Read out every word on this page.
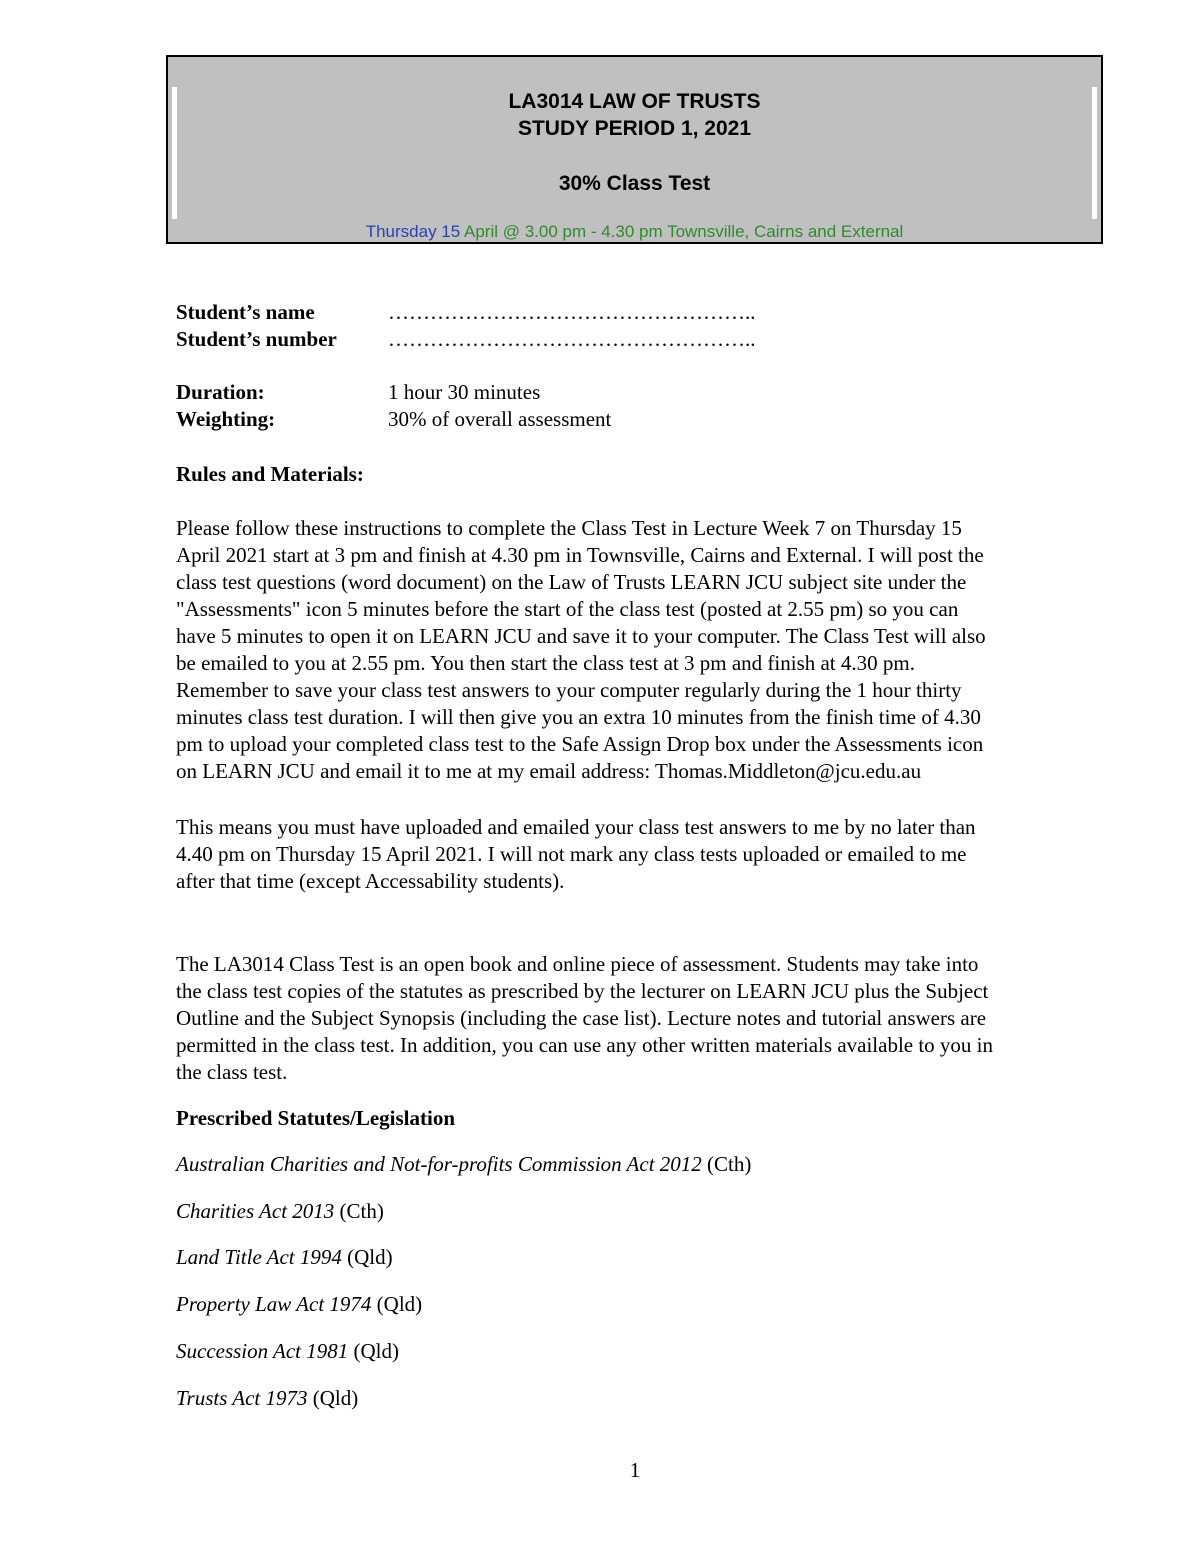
LA3014 LAW OF TRUSTS
STUDY PERIOD 1, 2021
30% Class Test
Thursday 15 April @ 3.00 pm - 4.30 pm Townsville, Cairns and External
Student’s name	……………………………………………..
Student’s number ……………………………………………..
Duration:	1 hour 30 minutes
Weighting:	30% of overall assessment
Rules and Materials:
Please follow these instructions to complete the Class Test in Lecture Week 7 on Thursday 15
April 2021 start at 3 pm and finish at 4.30 pm in Townsville, Cairns and External. I will post the
class test questions (word document) on the Law of Trusts LEARN JCU subject site under the
"Assessments" icon 5 minutes before the start of the class test (posted at 2.55 pm) so you can
have 5 minutes to open it on LEARN JCU and save it to your computer. The Class Test will also
be emailed to you at 2.55 pm. You then start the class test at 3 pm and finish at 4.30 pm.
Remember to save your class test answers to your computer regularly during the 1 hour thirty
minutes class test duration. I will then give you an extra 10 minutes from the finish time of 4.30
pm to upload your completed class test to the Safe Assign Drop box under the Assessments icon
on LEARN JCU and email it to me at my email address: Thomas.Middleton@jcu.edu.au
This means you must have uploaded and emailed your class test answers to me by no later than
4.40 pm on Thursday 15 April 2021. I will not mark any class tests uploaded or emailed to me
after that time (except Accessability students).
The LA3014 Class Test is an open book and online piece of assessment. Students may take into
the class test copies of the statutes as prescribed by the lecturer on LEARN JCU plus the Subject
Outline and the Subject Synopsis (including the case list). Lecture notes and tutorial answers are
permitted in the class test. In addition, you can use any other written materials available to you in
the class test.
Prescribed Statutes/Legislation
Australian Charities and Not-for-profits Commission Act 2012 (Cth)
Charities Act 2013 (Cth)
Land Title Act 1994 (Qld)
Property Law Act 1974 (Qld)
Succession Act 1981 (Qld)
Trusts Act 1973 (Qld)
1
